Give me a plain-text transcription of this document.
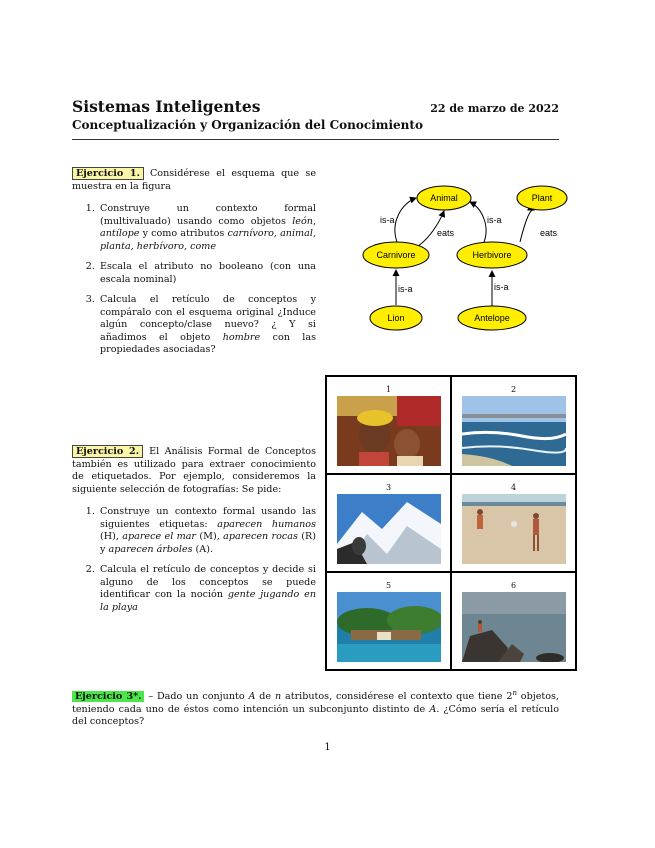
Sistemas Inteligentes	22 de marzo de 2022
Conceptualización y Organización del Conocimiento
Ejercicio 1. Considérese el esquema que se muestra en la figura
1. Construye un contexto formal (multivaluado) usando como objetos león, antílope y como atributos carnívoro, animal, planta, herbívoro, come
2. Escala el atributo no booleano (con una escala nominal)
3. Calcula el retículo de conceptos y compáralo con el esquema original ¿Induce algún concepto/clase nuevo? ¿ Y si añadimos el objeto hombre con las propiedades asociadas?
is-a
eats
is-a
eats
is-a	is-a
Animal	Plant
Carnivore	Herbivore
Lion	Antelope
1	2
3	4
5	6
Ejercicio 2. El Análisis Formal de Conceptos también es utilizado para extraer conocimiento de etiquetados. Por ejemplo, consideremos la siguiente selección de fotografías: Se pide:
1. Construye un contexto formal usando las siguientes etiquetas: aparecen humanos (H), aparece el mar (M), aparecen rocas (R) y aparecen árboles (A).
2. Calcula el retículo de conceptos y decide si alguno de los conceptos se puede identificar con la noción gente jugando en la playa
Ejercicio 3*. – Dado un conjunto A de n atributos, considérese el contexto que tiene 2$^n$ objetos, teniendo cada uno de éstos como intención un subconjunto distinto de A. ¿Cómo sería el retículo del conceptos?
1
